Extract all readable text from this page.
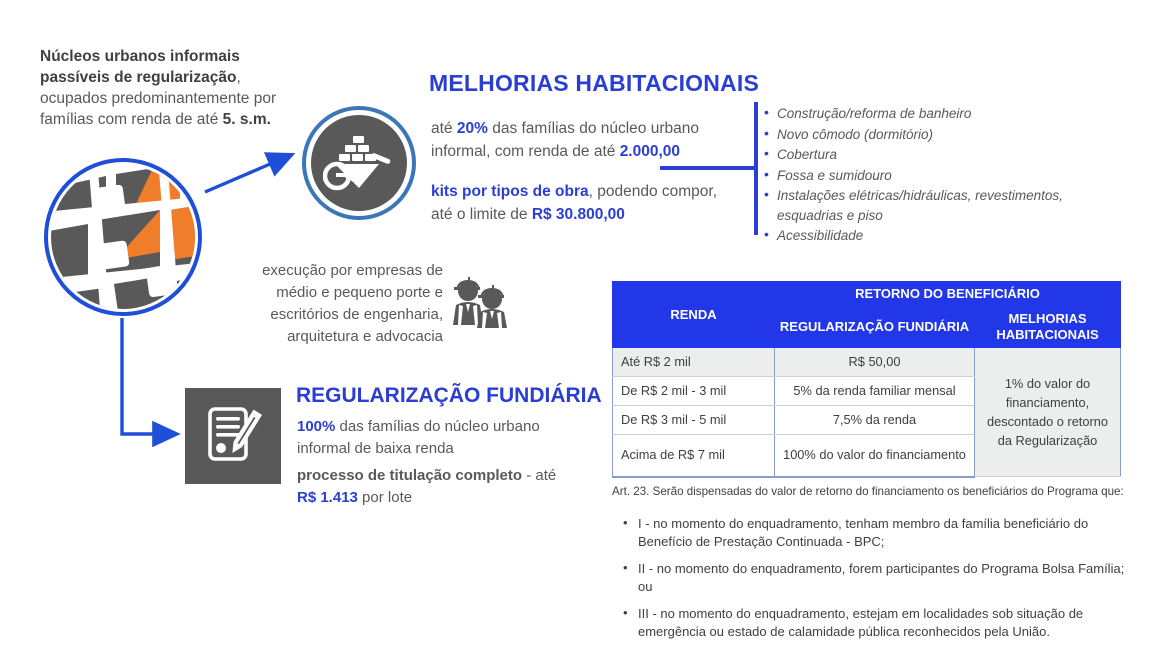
Núcleos urbanos informais
passíveis de regularização,
ocupados predominantemente por
famílias com renda de até 5. s.m.
MELHORIAS HABITACIONAIS
até 20% das famílias do núcleo urbano informal, com renda de até 2.000,00
kits por tipos de obra, podendo compor, até o limite de R$ 30.800,00
• Construção/reforma de banheiro
• Novo cômodo (dormitório)
• Cobertura
• Fossa e sumidouro
• Instalações elétricas/hidráulicas, revestimentos, esquadrias e piso
• Acessibilidade
execução por empresas de médio e pequeno porte e escritórios de engenharia, arquitetura e advocacia
REGULARIZAÇÃO FUNDIÁRIA
100% das famílias do núcleo urbano informal de baixa renda
processo de titulação completo - até
R$ 1.413 por lote
RENDA	RETORNO DO BENEFICIÁRIO	
	REGULARIZAÇÃO FUNDIÁRIA	MELHORIAS HABITACIONAIS
Até R$ 2 mil	R$ 50,00	1% do valor do financiamento, descontado o retorno da Regularização
De R$ 2 mil - 3 mil	5% da renda familiar mensal	
De R$ 3 mil - 5 mil	7,5% da renda	
Acima de R$ 7 mil	100% do valor do financiamento	
Art. 23. Serão dispensadas do valor de retorno do financiamento os beneficiários do Programa que:
• I - no momento do enquadramento, tenham membro da família beneficiário do Benefício de Prestação Continuada - BPC;
• II - no momento do enquadramento, forem participantes do Programa Bolsa Família; ou
• III - no momento do enquadramento, estejam em localidades sob situação de emergência ou estado de calamidade pública reconhecidos pela União.
